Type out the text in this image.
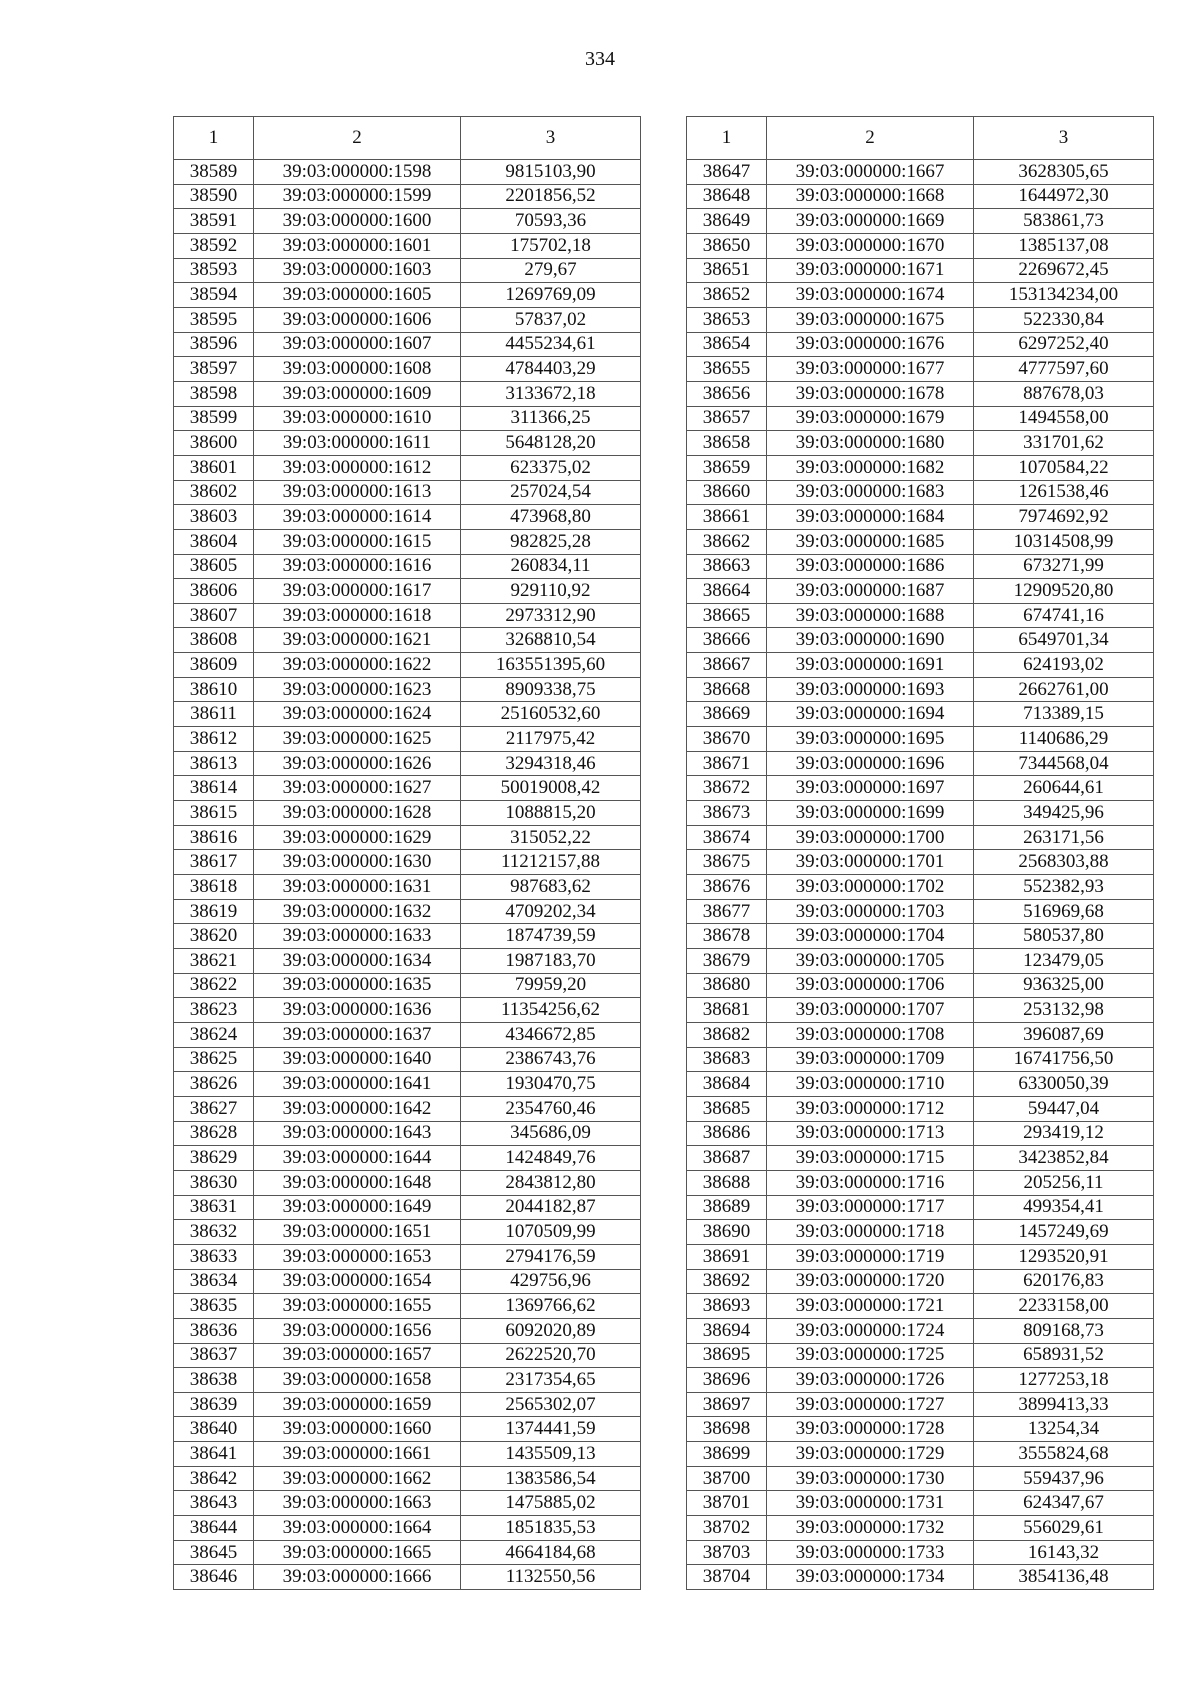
334
1	2	3
38589	39:03:000000:1598	9815103,90
38590	39:03:000000:1599	2201856,52
38591	39:03:000000:1600	70593,36
38592	39:03:000000:1601	175702,18
38593	39:03:000000:1603	279,67
38594	39:03:000000:1605	1269769,09
38595	39:03:000000:1606	57837,02
38596	39:03:000000:1607	4455234,61
38597	39:03:000000:1608	4784403,29
38598	39:03:000000:1609	3133672,18
38599	39:03:000000:1610	311366,25
38600	39:03:000000:1611	5648128,20
38601	39:03:000000:1612	623375,02
38602	39:03:000000:1613	257024,54
38603	39:03:000000:1614	473968,80
38604	39:03:000000:1615	982825,28
38605	39:03:000000:1616	260834,11
38606	39:03:000000:1617	929110,92
38607	39:03:000000:1618	2973312,90
38608	39:03:000000:1621	3268810,54
38609	39:03:000000:1622	163551395,60
38610	39:03:000000:1623	8909338,75
38611	39:03:000000:1624	25160532,60
38612	39:03:000000:1625	2117975,42
38613	39:03:000000:1626	3294318,46
38614	39:03:000000:1627	50019008,42
38615	39:03:000000:1628	1088815,20
38616	39:03:000000:1629	315052,22
38617	39:03:000000:1630	11212157,88
38618	39:03:000000:1631	987683,62
38619	39:03:000000:1632	4709202,34
38620	39:03:000000:1633	1874739,59
38621	39:03:000000:1634	1987183,70
38622	39:03:000000:1635	79959,20
38623	39:03:000000:1636	11354256,62
38624	39:03:000000:1637	4346672,85
38625	39:03:000000:1640	2386743,76
38626	39:03:000000:1641	1930470,75
38627	39:03:000000:1642	2354760,46
38628	39:03:000000:1643	345686,09
38629	39:03:000000:1644	1424849,76
38630	39:03:000000:1648	2843812,80
38631	39:03:000000:1649	2044182,87
38632	39:03:000000:1651	1070509,99
38633	39:03:000000:1653	2794176,59
38634	39:03:000000:1654	429756,96
38635	39:03:000000:1655	1369766,62
38636	39:03:000000:1656	6092020,89
38637	39:03:000000:1657	2622520,70
38638	39:03:000000:1658	2317354,65
38639	39:03:000000:1659	2565302,07
38640	39:03:000000:1660	1374441,59
38641	39:03:000000:1661	1435509,13
38642	39:03:000000:1662	1383586,54
38643	39:03:000000:1663	1475885,02
38644	39:03:000000:1664	1851835,53
38645	39:03:000000:1665	4664184,68
38646	39:03:000000:1666	1132550,56
1	2	3
38647	39:03:000000:1667	3628305,65
38648	39:03:000000:1668	1644972,30
38649	39:03:000000:1669	583861,73
38650	39:03:000000:1670	1385137,08
38651	39:03:000000:1671	2269672,45
38652	39:03:000000:1674	153134234,00
38653	39:03:000000:1675	522330,84
38654	39:03:000000:1676	6297252,40
38655	39:03:000000:1677	4777597,60
38656	39:03:000000:1678	887678,03
38657	39:03:000000:1679	1494558,00
38658	39:03:000000:1680	331701,62
38659	39:03:000000:1682	1070584,22
38660	39:03:000000:1683	1261538,46
38661	39:03:000000:1684	7974692,92
38662	39:03:000000:1685	10314508,99
38663	39:03:000000:1686	673271,99
38664	39:03:000000:1687	12909520,80
38665	39:03:000000:1688	674741,16
38666	39:03:000000:1690	6549701,34
38667	39:03:000000:1691	624193,02
38668	39:03:000000:1693	2662761,00
38669	39:03:000000:1694	713389,15
38670	39:03:000000:1695	1140686,29
38671	39:03:000000:1696	7344568,04
38672	39:03:000000:1697	260644,61
38673	39:03:000000:1699	349425,96
38674	39:03:000000:1700	263171,56
38675	39:03:000000:1701	2568303,88
38676	39:03:000000:1702	552382,93
38677	39:03:000000:1703	516969,68
38678	39:03:000000:1704	580537,80
38679	39:03:000000:1705	123479,05
38680	39:03:000000:1706	936325,00
38681	39:03:000000:1707	253132,98
38682	39:03:000000:1708	396087,69
38683	39:03:000000:1709	16741756,50
38684	39:03:000000:1710	6330050,39
38685	39:03:000000:1712	59447,04
38686	39:03:000000:1713	293419,12
38687	39:03:000000:1715	3423852,84
38688	39:03:000000:1716	205256,11
38689	39:03:000000:1717	499354,41
38690	39:03:000000:1718	1457249,69
38691	39:03:000000:1719	1293520,91
38692	39:03:000000:1720	620176,83
38693	39:03:000000:1721	2233158,00
38694	39:03:000000:1724	809168,73
38695	39:03:000000:1725	658931,52
38696	39:03:000000:1726	1277253,18
38697	39:03:000000:1727	3899413,33
38698	39:03:000000:1728	13254,34
38699	39:03:000000:1729	3555824,68
38700	39:03:000000:1730	559437,96
38701	39:03:000000:1731	624347,67
38702	39:03:000000:1732	556029,61
38703	39:03:000000:1733	16143,32
38704	39:03:000000:1734	3854136,48
